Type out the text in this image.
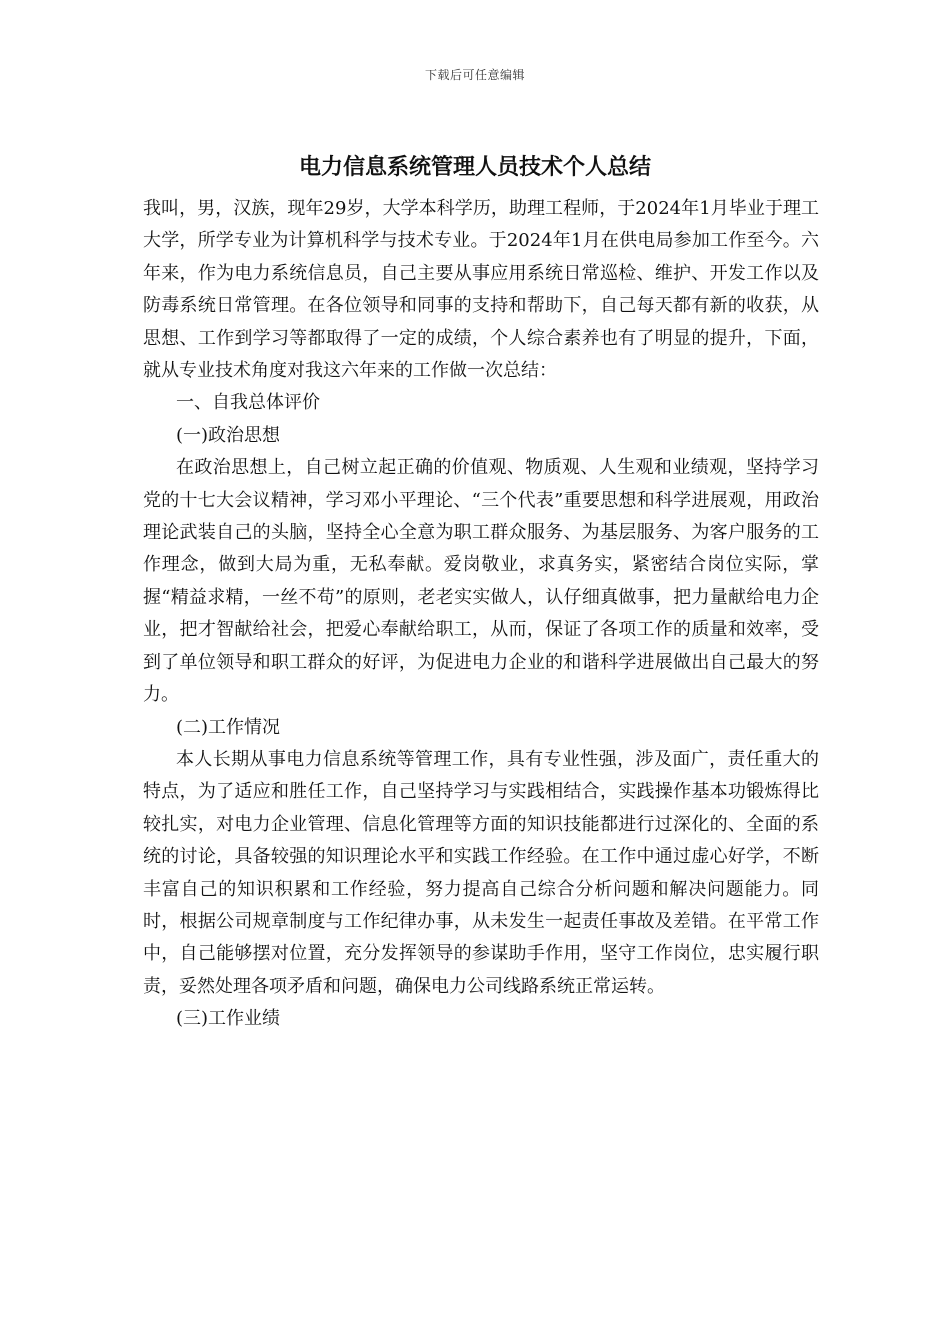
下载后可任意编辑
电力信息系统管理人员技术个人总结

我叫，男，汉族，现年29岁，大学本科学历，助理工程师，于2024年1月毕业于理工大学，所学专业为计算机科学与技术专业。于2024年1月在供电局参加工作至今。六年来，作为电力系统信息员，自己主要从事应用系统日常巡检、维护、开发工作以及防毒系统日常管理。在各位领导和同事的支持和帮助下，自己每天都有新的收获，从思想、工作到学习等都取得了一定的成绩，个人综合素养也有了明显的提升，下面，就从专业技术角度对我这六年来的工作做一次总结：

一、自我总体评价

(一)政治思想

在政治思想上，自己树立起正确的价值观、物质观、人生观和业绩观，坚持学习党的十七大会议精神，学习邓小平理论、“三个代表”重要思想和科学进展观，用政治理论武装自己的头脑，坚持全心全意为职工群众服务、为基层服务、为客户服务的工作理念，做到大局为重，无私奉献。爱岗敬业，求真务实，紧密结合岗位实际，掌握“精益求精，一丝不苟”的原则，老老实实做人，认仔细真做事，把力量献给电力企业，把才智献给社会，把爱心奉献给职工，从而，保证了各项工作的质量和效率，受到了单位领导和职工群众的好评，为促进电力企业的和谐科学进展做出自己最大的努力。

(二)工作情况

本人长期从事电力信息系统等管理工作，具有专业性强，涉及面广，责任重大的特点，为了适应和胜任工作，自己坚持学习与实践相结合，实践操作基本功锻炼得比较扎实，对电力企业管理、信息化管理等方面的知识技能都进行过深化的、全面的系统的讨论，具备较强的知识理论水平和实践工作经验。在工作中通过虚心好学，不断丰富自己的知识积累和工作经验，努力提高自己综合分析问题和解决问题能力。同时，根据公司规章制度与工作纪律办事，从未发生一起责任事故及差错。在平常工作中，自己能够摆对位置，充分发挥领导的参谋助手作用，坚守工作岗位，忠实履行职责，妥然处理各项矛盾和问题，确保电力公司线路系统正常运转。

(三)工作业绩
